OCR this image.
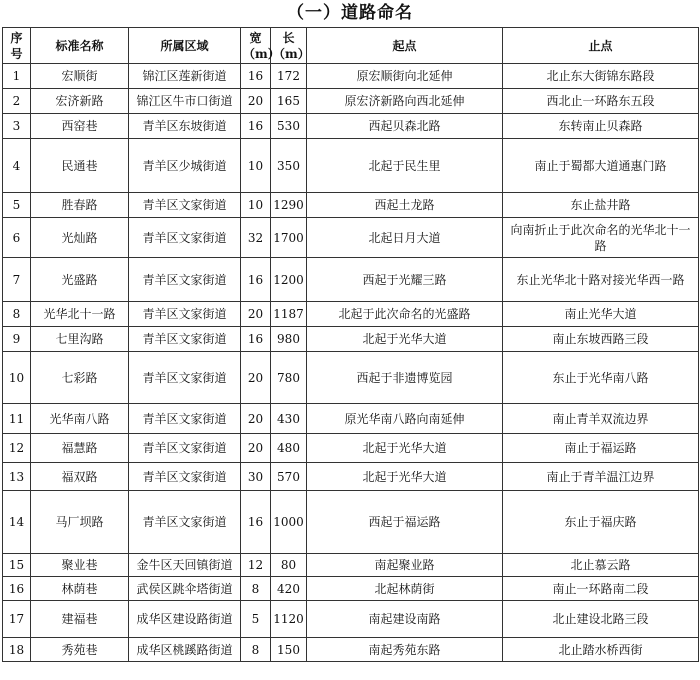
（一）道路命名
序号	标准名称	所属区域	宽（m）	长（m）	起点	止点
1	宏顺街	锦江区莲新街道	16	172	原宏顺街向北延伸	北止东大街锦东路段
2	宏济新路	锦江区牛市口街道	20	165	原宏济新路向西北延伸	西北止一环路东五段
3	西窑巷	青羊区东坡街道	16	530	西起贝森北路	东转南止贝森路
4	民通巷	青羊区少城街道	10	350	北起于民生里	南止于蜀都大道通惠门路
5	胜春路	青羊区文家街道	10	1290	西起土龙路	东止盐井路
6	光灿路	青羊区文家街道	32	1700	北起日月大道	向南折止于此次命名的光华北十一路
7	光盛路	青羊区文家街道	16	1200	西起于光耀三路	东止光华北十路对接光华西一路
8	光华北十一路	青羊区文家街道	20	1187	北起于此次命名的光盛路	南止光华大道
9	七里沟路	青羊区文家街道	16	980	北起于光华大道	南止东坡西路三段
10	七彩路	青羊区文家街道	20	780	西起于非遗博览园	东止于光华南八路
11	光华南八路	青羊区文家街道	20	430	原光华南八路向南延伸	南止青羊双流边界
12	福慧路	青羊区文家街道	20	480	北起于光华大道	南止于福运路
13	福双路	青羊区文家街道	30	570	北起于光华大道	南止于青羊温江边界
14	马厂坝路	青羊区文家街道	16	1000	西起于福运路	东止于福庆路
15	聚业巷	金牛区天回镇街道	12	80	南起聚业路	北止慕云路
16	林荫巷	武侯区跳伞塔街道	8	420	北起林荫街	南止一环路南二段
17	建福巷	成华区建设路街道	5	1120	南起建设南路	北止建设北路三段
18	秀苑巷	成华区桃蹊路街道	8	150	南起秀苑东路	北止踏水桥西街
